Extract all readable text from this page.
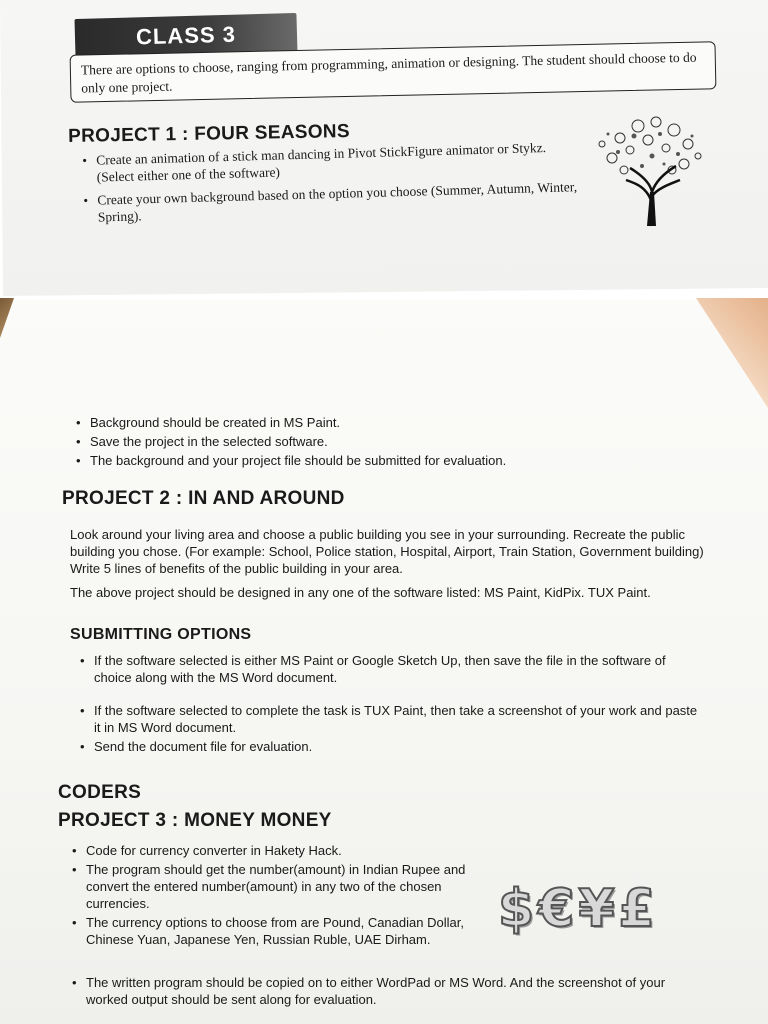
CLASS 3
There are options to choose, ranging from programming, animation or designing. The student should choose to do only one project.
PROJECT 1 : FOUR SEASONS
• Create an animation of a stick man dancing in Pivot StickFigure animator or Stykz. (Select either one of the software)
• Create your own background based on the option you choose (Summer, Autumn, Winter, Spring).
• Background should be created in MS Paint.
• Save the project in the selected software.
• The background and your project file should be submitted for evaluation.
PROJECT 2 : IN AND AROUND

Look around your living area and choose a public building you see in your surrounding. Recreate the public building you chose. (For example: School, Police station, Hospital, Airport, Train Station, Government building) Write 5 lines of benefits of the public building in your area.

The above project should be designed in any one of the software listed: MS Paint, KidPix. TUX Paint.

SUBMITTING OPTIONS
• If the software selected is either MS Paint or Google Sketch Up, then save the file in the software of choice along with the MS Word document.
• If the software selected to complete the task is TUX Paint, then take a screenshot of your work and paste it in MS Word document.
• Send the document file for evaluation.
CODERS
PROJECT 3 : MONEY MONEY
• Code for currency converter in Hakety Hack.
• The program should get the number(amount) in Indian Rupee and convert the entered number(amount) in any two of the chosen currencies.
• The currency options to choose from are Pound, Canadian Dollar, Chinese Yuan, Japanese Yen, Russian Ruble, UAE Dirham.
• The written program should be copied on to either WordPad or MS Word. And the screenshot of your worked output should be sent along for evaluation.
$€¥£
